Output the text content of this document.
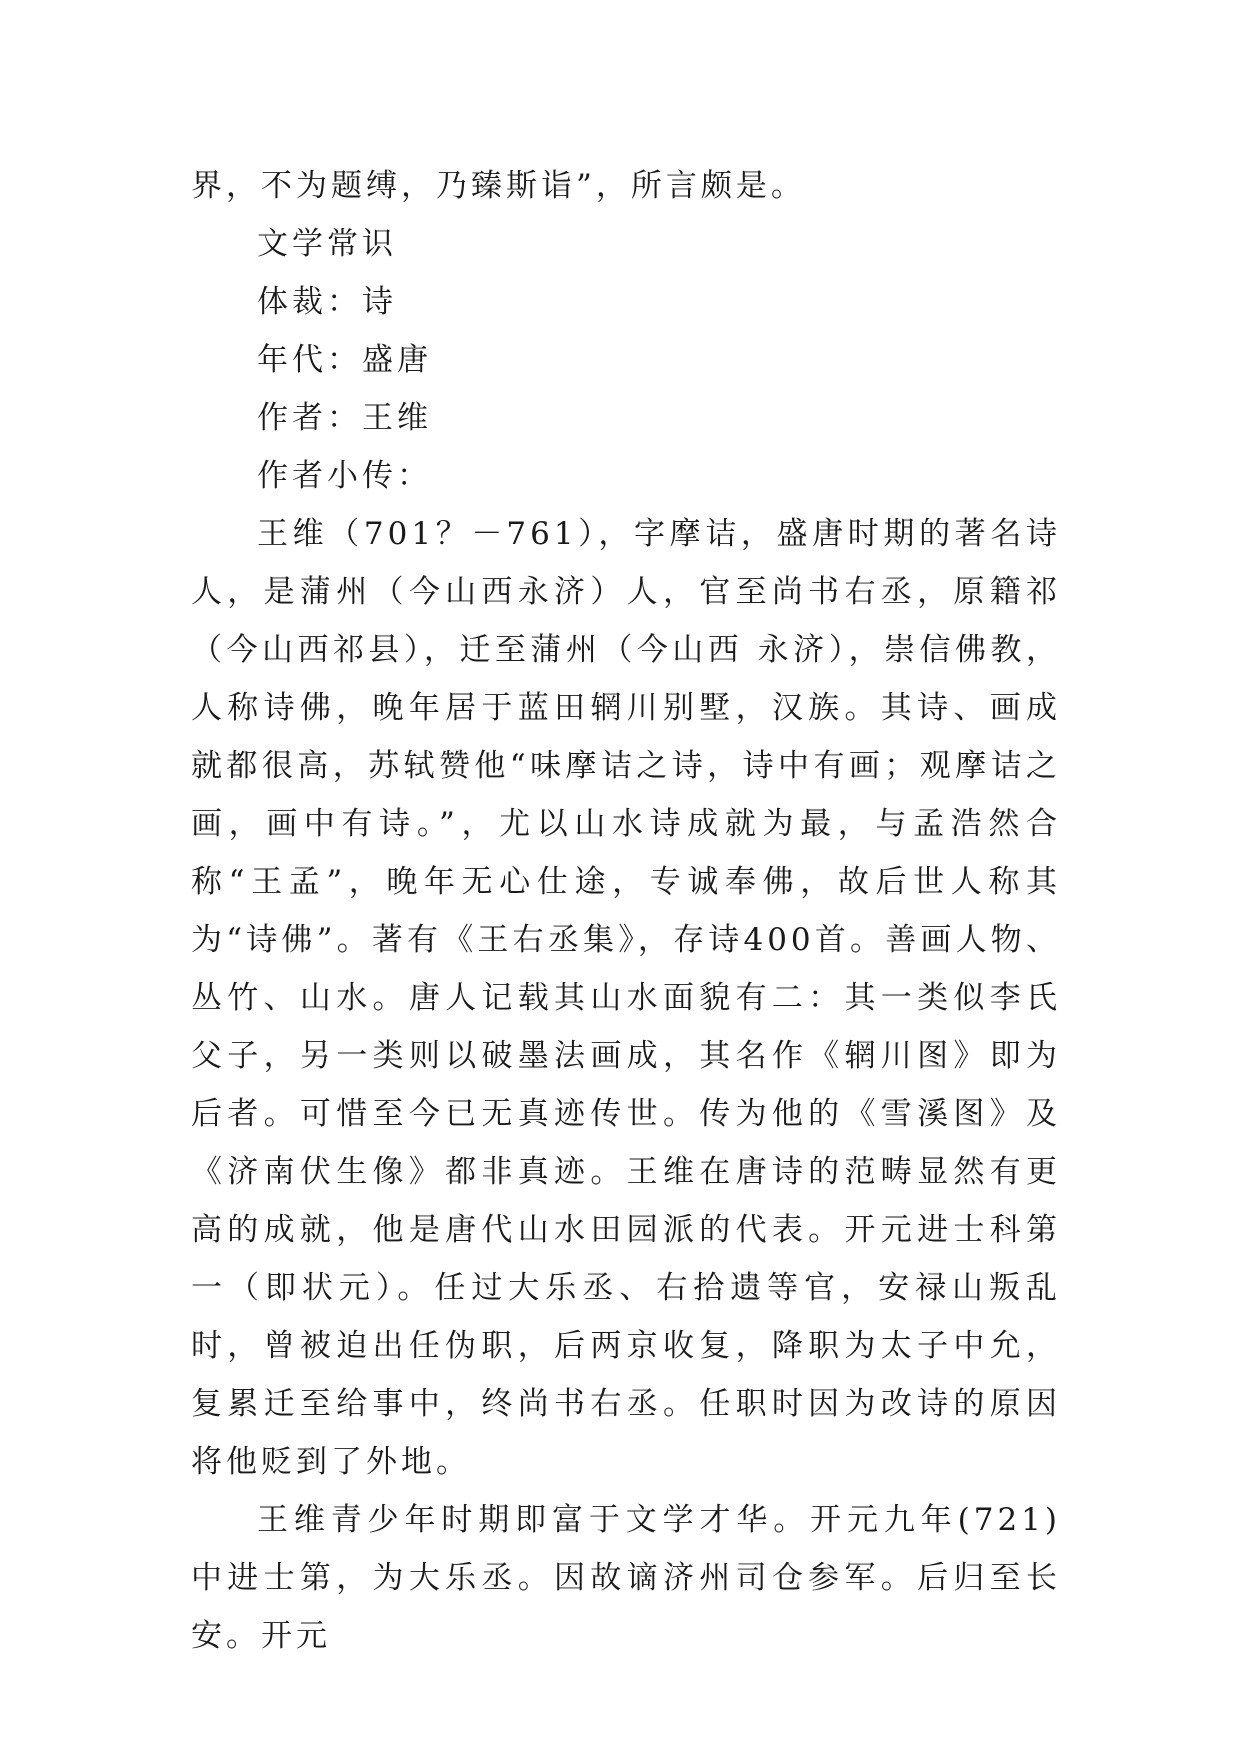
界，不为题缚，乃臻斯诣”，所言颇是。

文学常识

体裁：诗

年代：盛唐

作者：王维

作者小传：

王维（701？－761），字摩诘，盛唐时期的著名诗人，是蒲州（今山西永济）人，官至尚书右丞，原籍祁（今山西祁县），迁至蒲州（今山西 永济），崇信佛教，人称诗佛，晚年居于蓝田辋川别墅，汉族。其诗、画成就都很高，苏轼赞他“味摩诘之诗，诗中有画；观摩诘之画，画中有诗。”，尤以山水诗成就为最，与孟浩然合称“王孟”，晚年无心仕途，专诚奉佛，故后世人称其为“诗佛”。著有《王右丞集》，存诗400首。善画人物、丛竹、山水。唐人记载其山水面貌有二：其一类似李氏父子，另一类则以破墨法画成，其名作《辋川图》即为后者。可惜至今已无真迹传世。传为他的《雪溪图》及《济南伏生像》都非真迹。王维在唐诗的范畴显然有更高的成就，他是唐代山水田园派的代表。开元进士科第一（即状元）。任过大乐丞、右拾遗等官，安禄山叛乱时，曾被迫出任伪职，后两京收复，降职为太子中允，复累迁至给事中，终尚书右丞。任职时因为改诗的原因将他贬到了外地。

王维青少年时期即富于文学才华。开元九年(721) 中进士第，为大乐丞。因故谪济州司仓参军。后归至长安。开元
